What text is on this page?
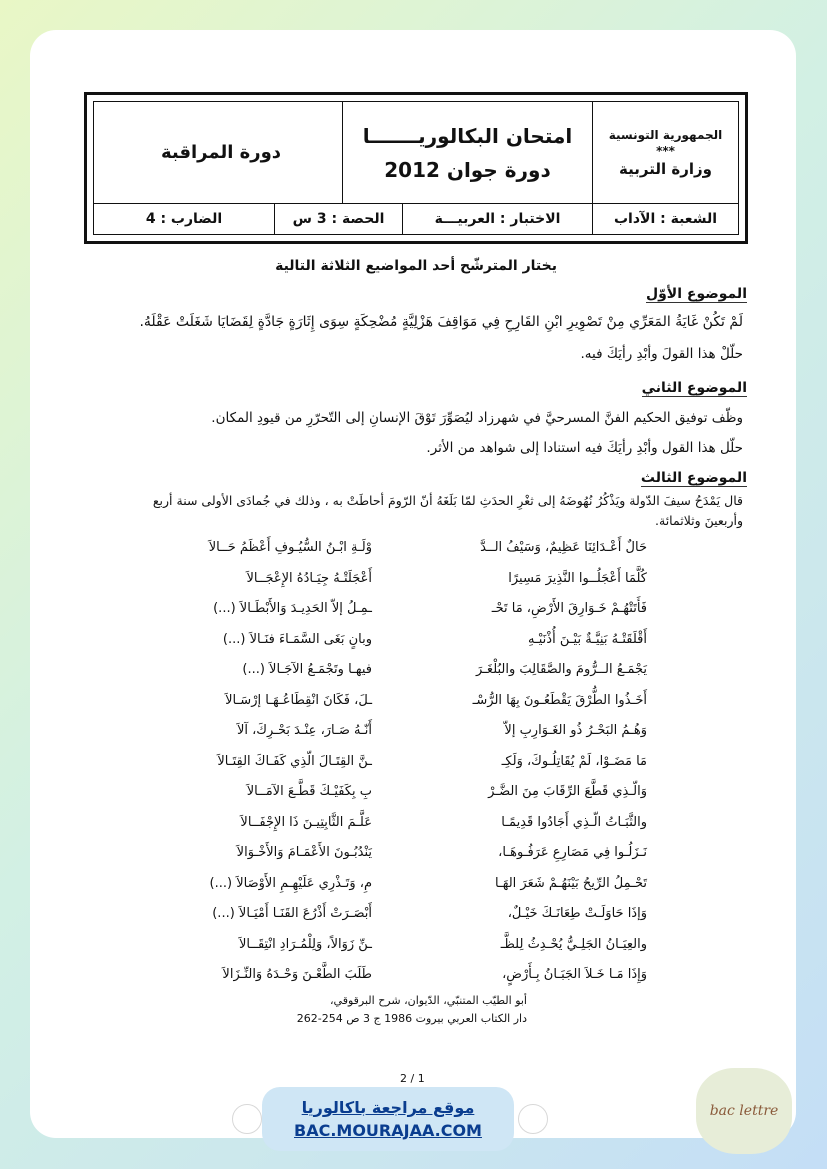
الجمهورية التونسية
***
وزارة التربية
امتحان البكالوريـــــــا
دورة جوان 2012
دورة المراقبة
الشعبة : الآداب
الاختبار : العربيـــة
الحصة : 3 س
الضارب : 4
يختار المترشّح أحد المواضيع الثلاثة التالية
الموضوع الأوّل
لَمْ تَكُنْ غَايَةُ المَعَرِّي مِنْ تَصْوِيرِ ابْنِ القَارِحِ فِي مَوَاقِفَ هَزْلِيَّةٍ مُضْحِكَةٍ سِوَى إِثَارَةٍ جَادَّةٍ لِقَضَايَا شَغَلَتْ عَقْلَهُ.
حلّلْ هذا القولَ وأبْدِ رأيَكَ فيه.
الموضوع الثاني
وظّف توفيق الحكيم الفنَّ المسرحيَّ في شهرزاد ليُصَوِّرَ تَوْقَ الإنسانِ إلى التّحرّرِ من قيودِ المكان.
حلّل هذا القول وأبْدِ رأيَكَ فيه استنادا إلى شواهد من الأثر.
الموضوع الثالث
قال يَمْدَحُ سيفَ الدّولة ويَذْكُرُ نُهُوضَهُ إلى ثغْرِ الحدَثِ لمّا بَلَغَهُ أنّ الرّومَ أحاطَتْ به ، وذلك في جُمادَى الأولى سنة أربع
وأربعينَ وثلاثمائة.
حَالٌ أَعْـدَائِنَا عَظِيمٌ، وَسَيْفُ الــدَّ
وْلَـةِ ابْـنُ السُّيُـوفِ أَعْظَمُ حَــالاَ
كُلَّمَا أَعْجَلُــوا النَّذِيرَ مَسِيرًا
أَعْجَلَتْـهُ جِيَـادُهُ الإِعْجَــالاَ
فَأَتَتْهُـمْ خَـوَارِقَ الأَرْضِ، مَا تَحْـ
ـمِـلُ إلاّ الحَدِيـدَ وَالأَبْطَـالاَ (...)
أَقْلَقَتْـهُ بَنِيَّـةٌ بَيْـنَ أُذْنَيْـهِ
وبانٍ بَغَى السَّمَـاءَ فنَـالاَ (...)
يَجْمَـعُ الــرُّومَ والصَّقَالِبَ والبُلْغَـرَ
فيهـا وتَجْمَـعُ الآجَـالاَ (...)
أَخَـذُوا الطُّرْقَ يَقْطَعُـونَ بِهَا الرُّسْـ
ـلَ، فَكَانَ انْقِطَاعُـهَـا إرْسَـالاَ
وَهُـمُ البَحْـرُ ذُو الغَـوَارِبِ إلاّ
أَنّـهُ صَـارَ، عِنْـدَ بَحْـرِكَ، آلاَ
مَا مَضَـوْا، لَمْ يُقَاتِلُـوكَ، وَلَكِـ
ـنَّ القِتَـالَ الّذِي كَفَـاكَ القِتَـالاَ
وَالّـذِي قَطَّعَ الرِّقَابَ مِنَ الضَّـرْ
بِ بِكَفَيْـكَ قَطَّـعَ الآمَــالاَ
والثَّبَـاتُ الّـذِي أَجَادُوا قَدِيمًـا
عَلَّـمَ الثَّابِتِيـنَ ذَا الإِجْفَــالاَ
نَـزَلُـوا فِي مَصَارِعِ عَرَفُـوهَـا،
يَنْدُبُـونَ الأَعْمَـامَ وَالأَخْـوَالاَ
تَحْـمِلُ الرِّيحُ بَيْنَهُـمْ شَعَرَ الهَـا
مِ، وَتَـذْرِي عَلَيْهِـمِ الأَوْصَالاَ (...)
وَإذَا حَاوَلَـتْ طِعَانَـكَ خَيْـلٌ،
أَبْصَـرَتْ أَذْرُعَ القَنَـا أَمْيَـالاَ (...)
والعِيَـانُ الجَلِـيُّ يُحْـدِثُ لِلظَّـ
ـنِّ زَوَالاً، وَلِلْمُـرَادِ انْتِقَــالاَ
وَإِذَا مَـا خَـلاَ الجَبَـانُ بِـأَرْضٍ،
طَلَبَ الطَّعْـنَ وَحْـدَهُ وَالنِّـزَالاَ
أبو الطيّب المتنبّي، الدّيوان، شرح البرقوقي،
دار الكتاب العربي بيروت 1986 ج 3 ص 254-262
2 / 1
موقع مراجعة باكالوريا
BAC.MOURAJAA.COM
bac lettre
